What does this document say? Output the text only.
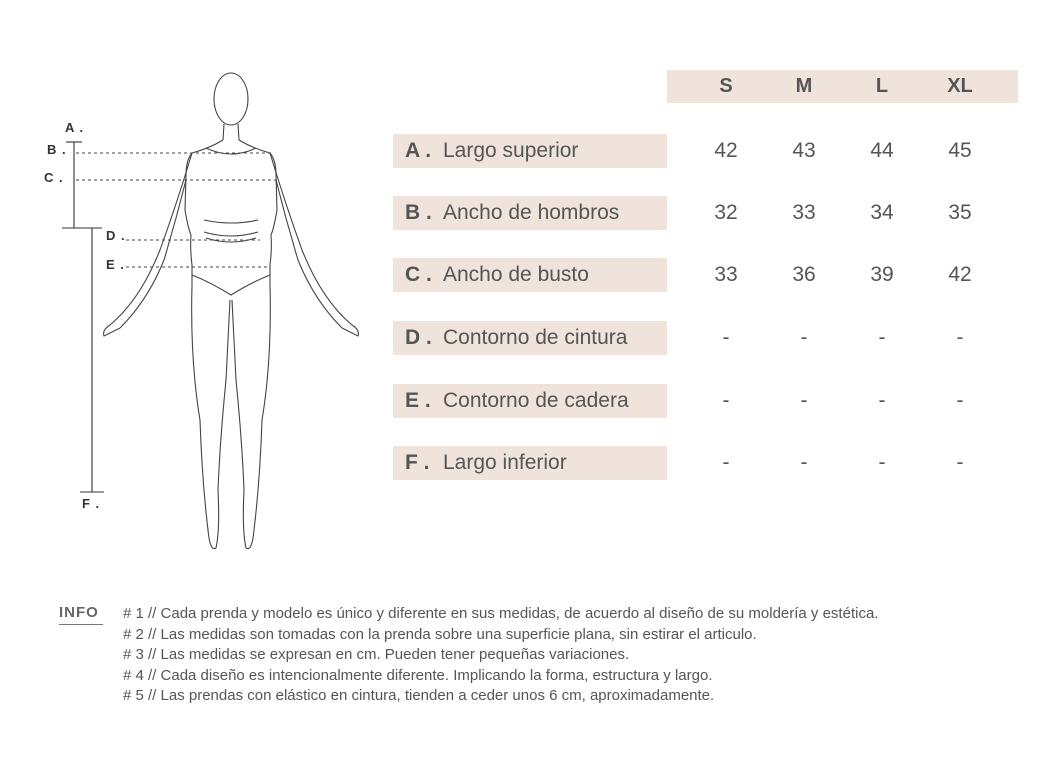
A .
B .
C .
D .
E .
F .
S	M	L	XL
A . Largo superior	42	43	44	45
B . Ancho de hombros	32	33	34	35
C . Ancho de busto	33	36	39	42
D . Contorno de cintura	-	-	-	-
E . Contorno de cadera	-	-	-	-
F . Largo inferior	-	-	-	-
INFO # 1 // Cada prenda y modelo es único y diferente en sus medidas, de acuerdo al diseño de su moldería y estética.
# 2 // Las medidas son tomadas con la prenda sobre una superficie plana, sin estirar el articulo.
# 3 // Las medidas se expresan en cm. Pueden tener pequeñas variaciones.
# 4 // Cada diseño es intencionalmente diferente. Implicando la forma, estructura y largo.
# 5 // Las prendas con elástico en cintura, tienden a ceder unos 6 cm, aproximadamente.
